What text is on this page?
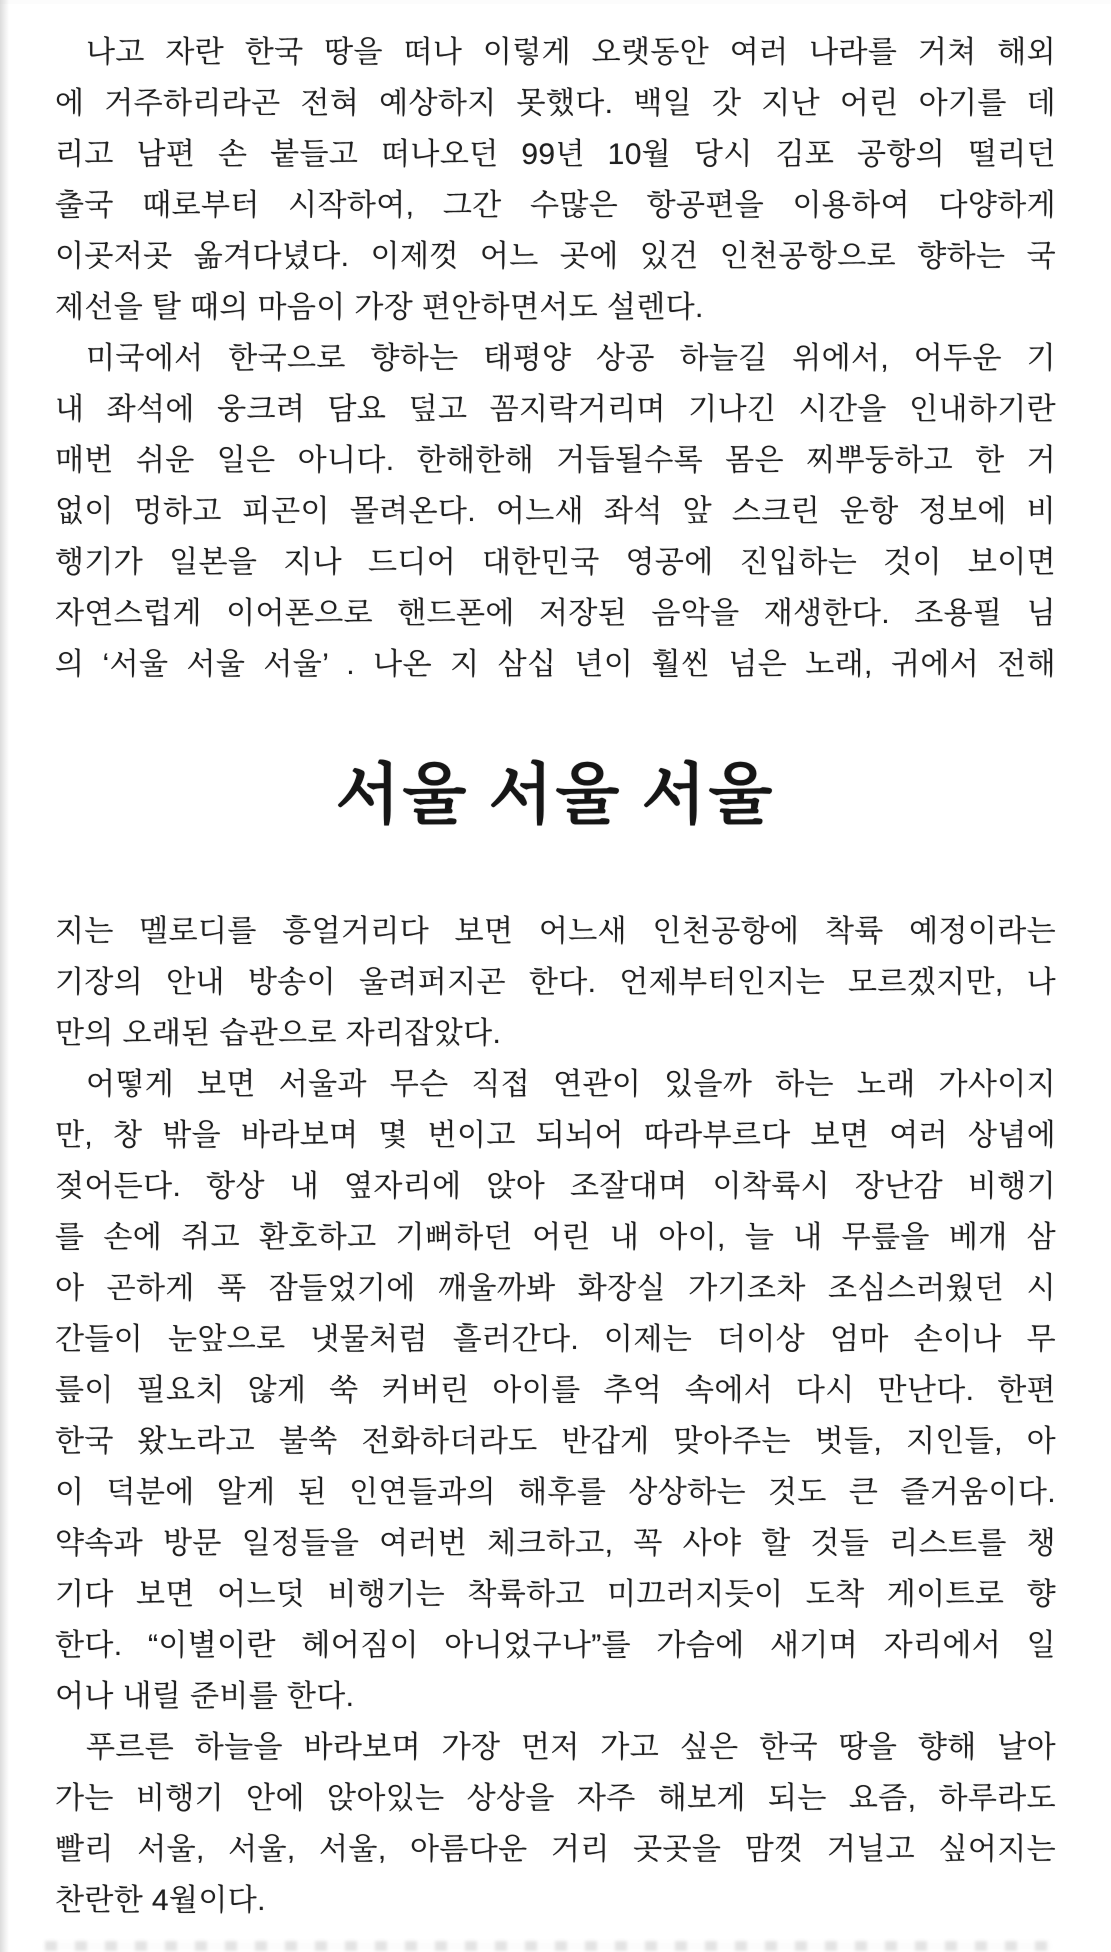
나고 자란 한국 땅을 떠나 이렇게 오랫동안 여러 나라를 거쳐 해외
에 거주하리라곤 전혀 예상하지 못했다. 백일 갓 지난 어린 아기를 데
리고 남편 손 붙들고 떠나오던 99년 10월 당시 김포 공항의 떨리던
출국 때로부터 시작하여, 그간 수많은 항공편을 이용하여 다양하게
이곳저곳 옮겨다녔다. 이제껏 어느 곳에 있건 인천공항으로 향하는 국
제선을 탈 때의 마음이 가장 편안하면서도 설렌다.
미국에서 한국으로 향하는 태평양 상공 하늘길 위에서, 어두운 기
내 좌석에 웅크려 담요 덮고 꼼지락거리며 기나긴 시간을 인내하기란
매번 쉬운 일은 아니다. 한해한해 거듭될수록 몸은 찌뿌둥하고 한 거
없이 멍하고 피곤이 몰려온다. 어느새 좌석 앞 스크린 운항 정보에 비
행기가 일본을 지나 드디어 대한민국 영공에 진입하는 것이 보이면
자연스럽게 이어폰으로 핸드폰에 저장된 음악을 재생한다. 조용필 님
의 ‘서울 서울 서울’ . 나온 지 삼십 년이 훨씬 넘은 노래, 귀에서 전해
서울 서울 서울
지는 멜로디를 흥얼거리다 보면 어느새 인천공항에 착륙 예정이라는
기장의 안내 방송이 울려퍼지곤 한다. 언제부터인지는 모르겠지만, 나
만의 오래된 습관으로 자리잡았다.
어떻게 보면 서울과 무슨 직접 연관이 있을까 하는 노래 가사이지
만, 창 밖을 바라보며 몇 번이고 되뇌어 따라부르다 보면 여러 상념에
젖어든다. 항상 내 옆자리에 앉아 조잘대며 이착륙시 장난감 비행기
를 손에 쥐고 환호하고 기뻐하던 어린 내 아이, 늘 내 무릎을 베개 삼
아 곤하게 푹 잠들었기에 깨울까봐 화장실 가기조차 조심스러웠던 시
간들이 눈앞으로 냇물처럼 흘러간다. 이제는 더이상 엄마 손이나 무
릎이 필요치 않게 쑥 커버린 아이를 추억 속에서 다시 만난다. 한편
한국 왔노라고 불쑥 전화하더라도 반갑게 맞아주는 벗들, 지인들, 아
이 덕분에 알게 된 인연들과의 해후를 상상하는 것도 큰 즐거움이다.
약속과 방문 일정들을 여러번 체크하고, 꼭 사야 할 것들 리스트를 챙
기다 보면 어느덧 비행기는 착륙하고 미끄러지듯이 도착 게이트로 향
한다. “이별이란 헤어짐이 아니었구나”를 가슴에 새기며 자리에서 일
어나 내릴 준비를 한다.
푸르른 하늘을 바라보며 가장 먼저 가고 싶은 한국 땅을 향해 날아
가는 비행기 안에 앉아있는 상상을 자주 해보게 되는 요즘, 하루라도
빨리 서울, 서울, 서울, 아름다운 거리 곳곳을 맘껏 거닐고 싶어지는
찬란한 4월이다.
